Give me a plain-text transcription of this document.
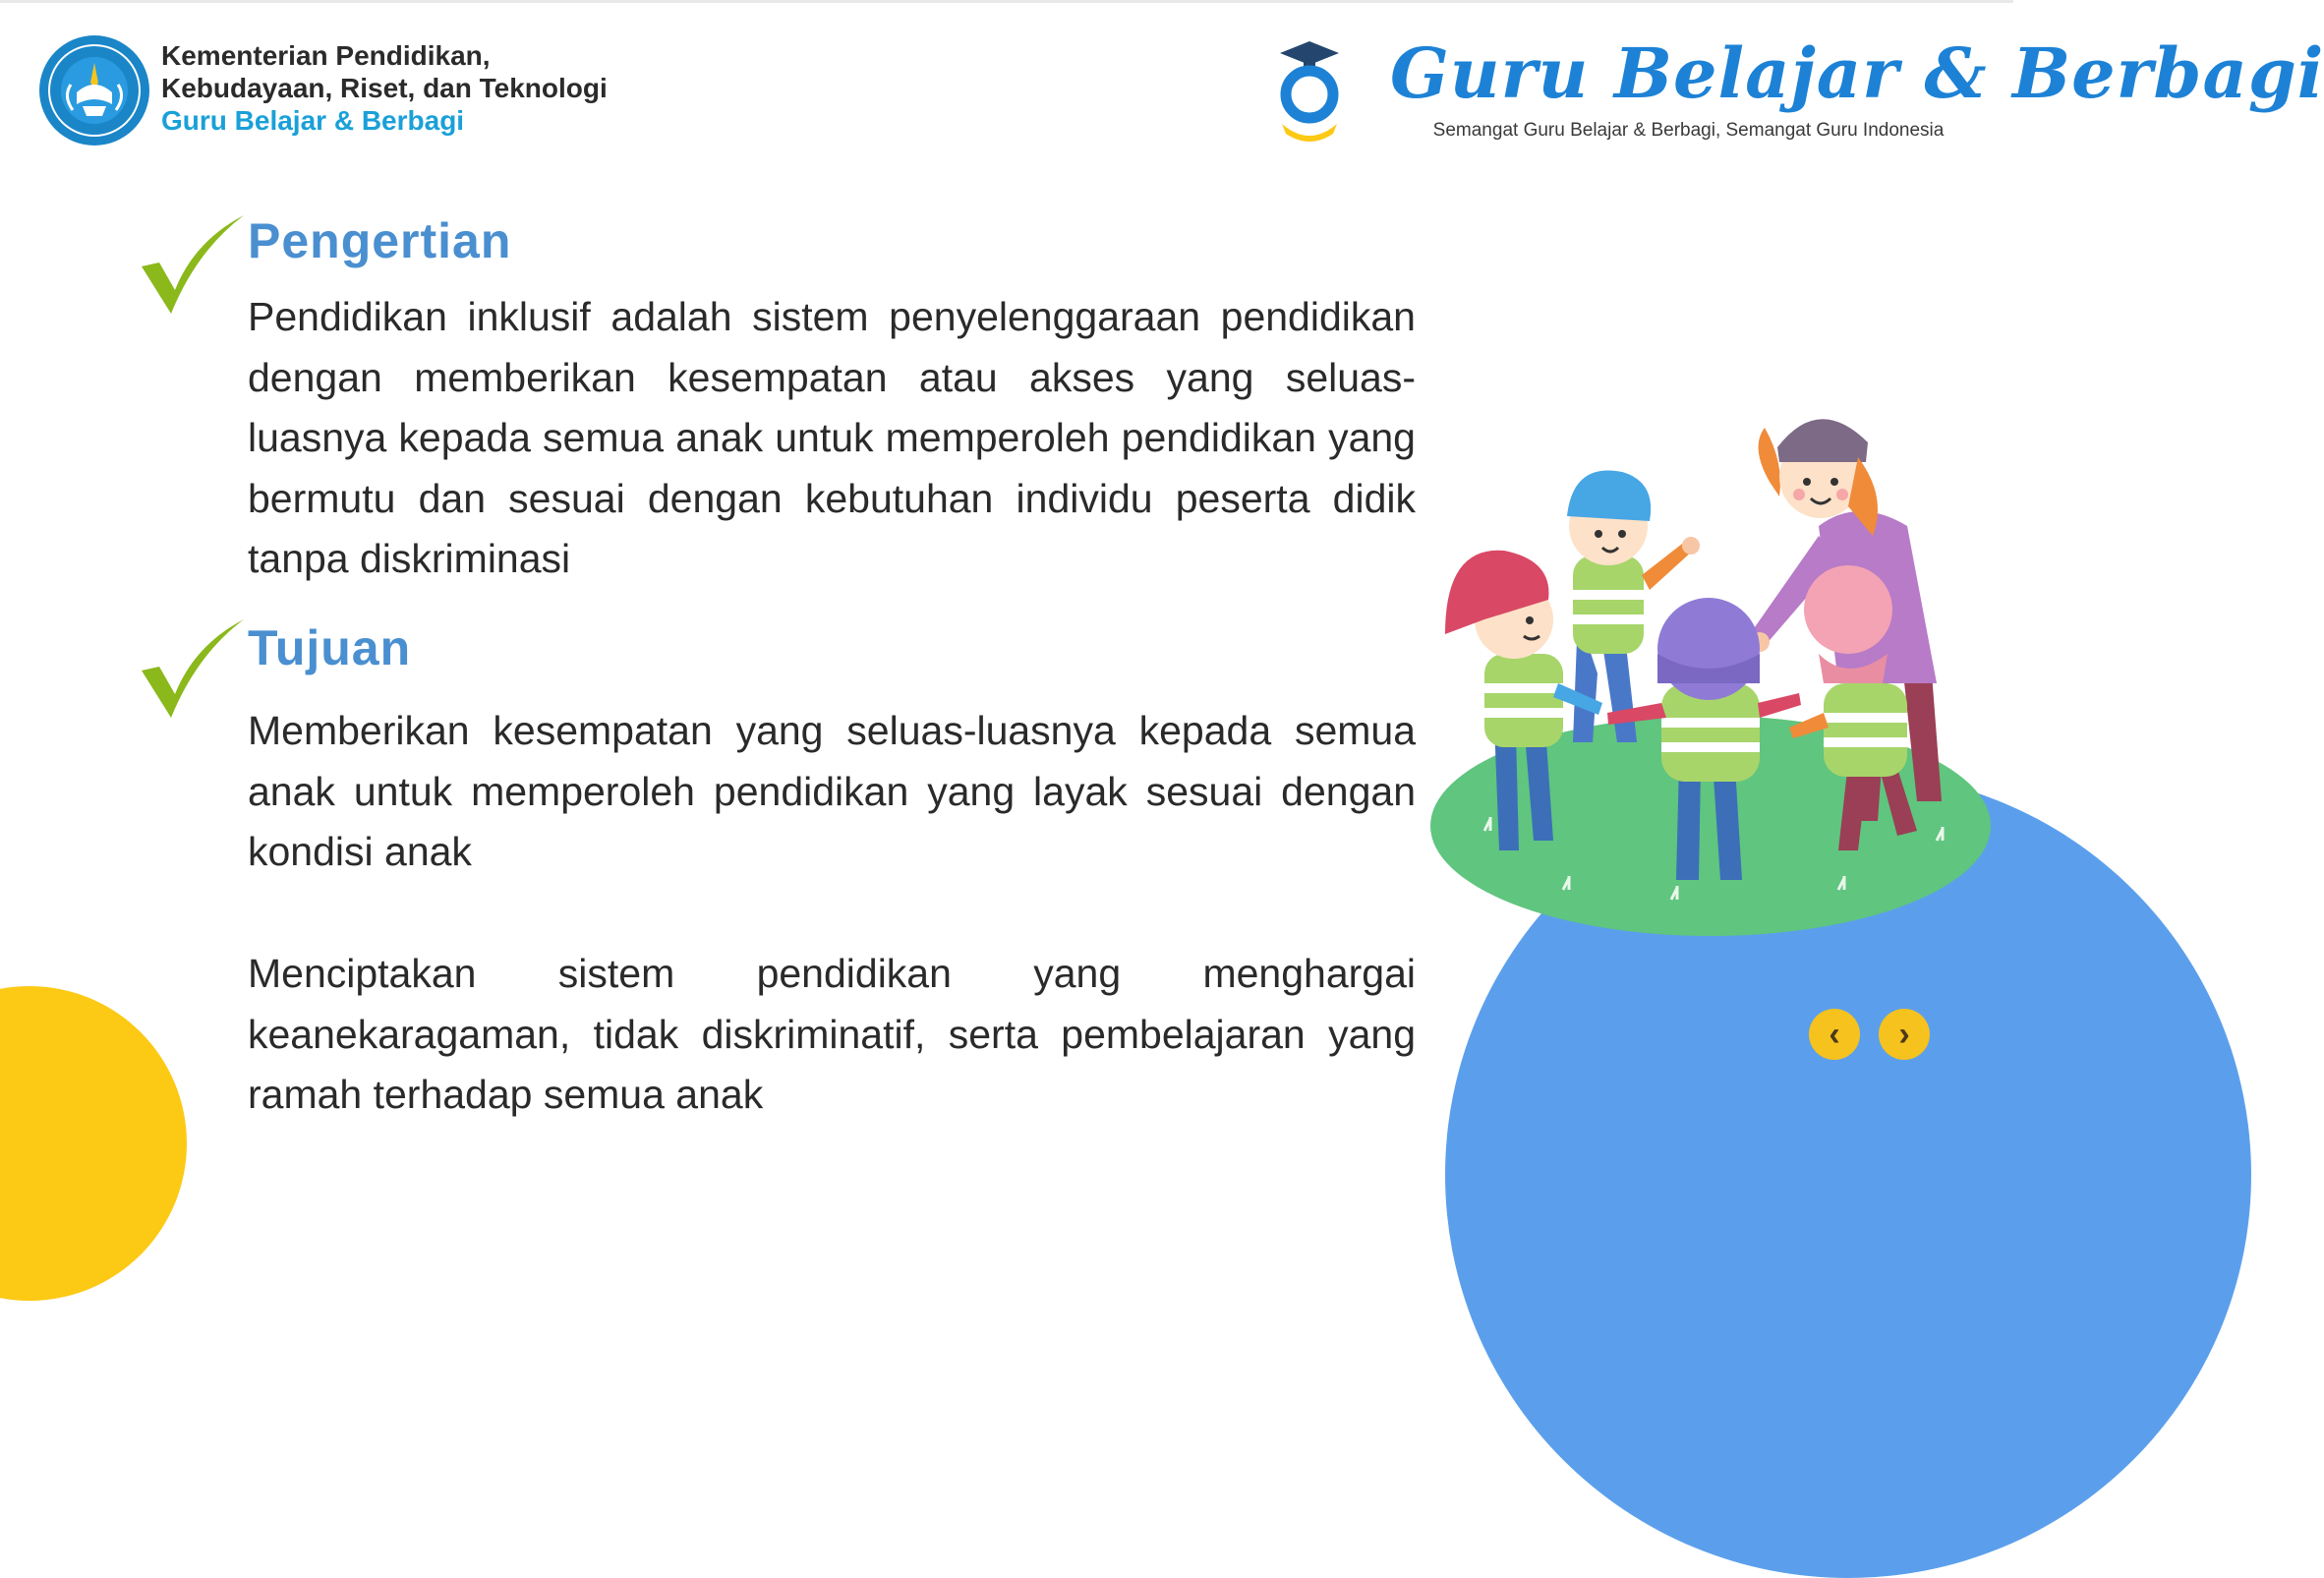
Kementerian Pendidikan,
Kebudayaan, Riset, dan Teknologi
Guru Belajar & Berbagi
Guru Belajar & Berbagi
Semangat Guru Belajar & Berbagi, Semangat Guru Indonesia
Pengertian

Pendidikan inklusif adalah sistem penyelenggaraan pendidikan dengan memberikan kesempatan atau akses yang seluas-luasnya kepada semua anak untuk memperoleh pendidikan yang bermutu dan sesuai dengan kebutuhan individu peserta didik tanpa diskriminasi

Tujuan

Memberikan kesempatan yang seluas-luasnya kepada semua anak untuk memperoleh pendidikan yang layak sesuai dengan kondisi anak

Menciptakan sistem pendidikan yang menghargai keanekaragaman, tidak diskriminatif, serta pembelajaran yang ramah terhadap semua anak

‹ ›
